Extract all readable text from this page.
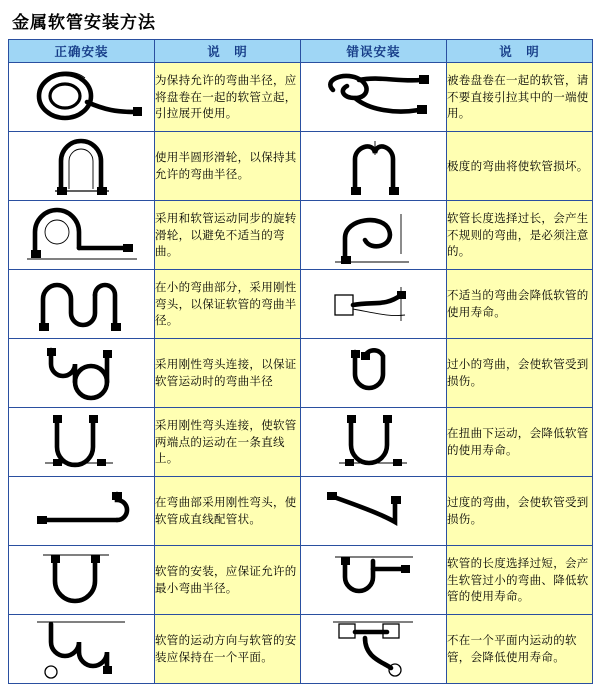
金属软管安装方法
正确安装	说　明	错误安装	说　明

	为保持允许的弯曲半径，应将盘卷在一起的软管立起，引拉展开使用。		被卷盘卷在一起的软管，请不要直接引拉其中的一端使用。

	使用半圆形滑轮，以保持其允许的弯曲半径。		极度的弯曲将使软管损坏。

	采用和软管运动同步的旋转滑轮，以避免不适当的弯曲。		软管长度选择过长，会产生不规则的弯曲，是必须注意的。

	在小的弯曲部分，采用刚性弯头，以保证软管的弯曲半径。		不适当的弯曲会降低软管的使用寿命。

	采用刚性弯头连接，以保证软管运动时的弯曲半径		过小的弯曲，会使软管受到损伤。

	采用刚性弯头连接，使软管两端点的运动在一条直线上。		在扭曲下运动，会降低软管的使用寿命。

	在弯曲部采用刚性弯头，使软管成直线配管状。		过度的弯曲，会使软管受到损伤。

	软管的安装，应保证允许的最小弯曲半径。		软管的长度选择过短，会产生软管过小的弯曲、降低软管的使用寿命。

	软管的运动方向与软管的安装应保持在一个平面。		不在一个平面内运动的软管，会降低使用寿命。
